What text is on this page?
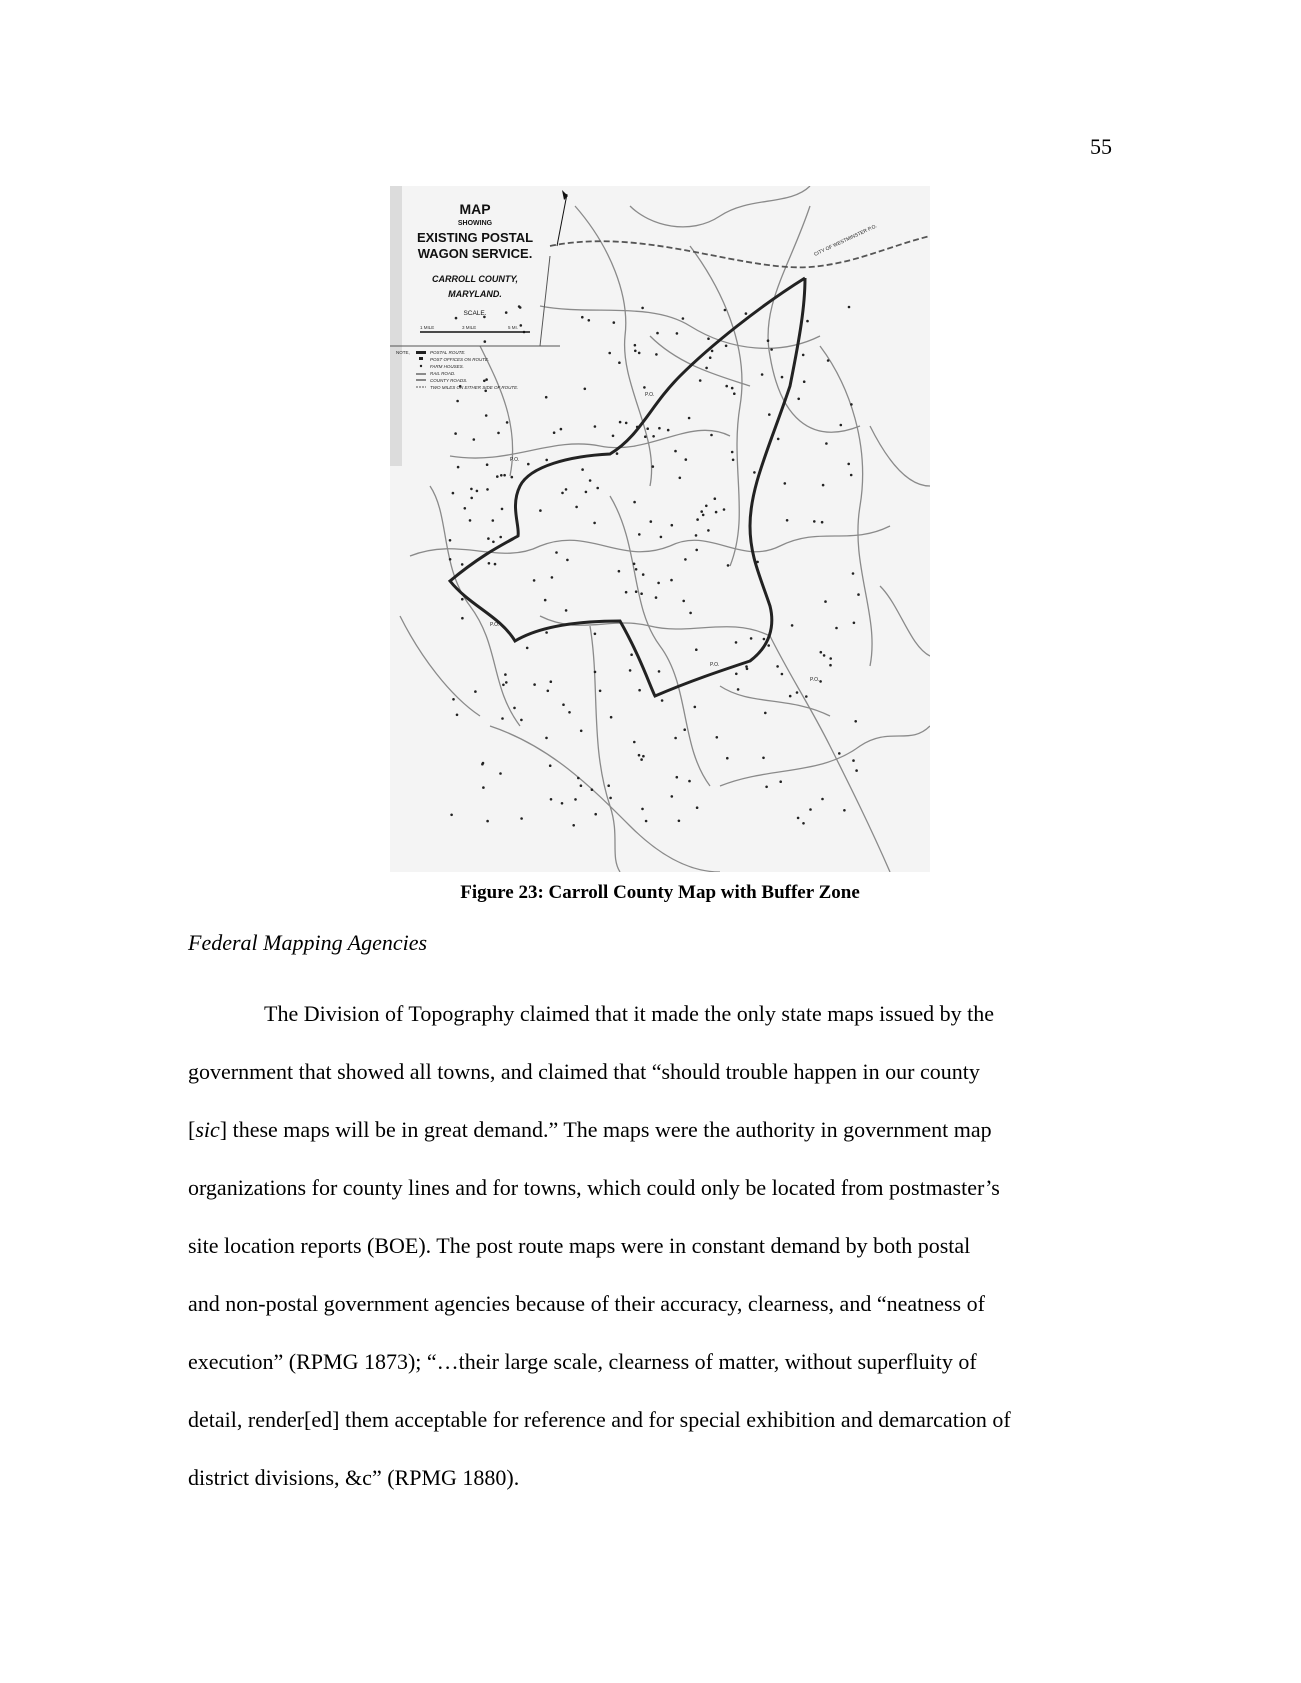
55
MAP
SHOWING
EXISTING POSTAL
WAGON SERVICE.
CARROLL COUNTY,
MARYLAND.
SCALE.
1 MILE	3 MILE	5 MI.
NOTE,	POSTAL ROUTE.
POST OFFICES ON ROUTE.
FARM HOUSES.
RAIL ROAD.
COUNTY ROADS.
TWO MILES ON EITHER SIDE OF ROUTE.
CITY OF WESTMINSTER P.O.
P.O.
P.O.
P.O.
P.O.
P.O.
Figure 23: Carroll County Map with Buffer Zone
Federal Mapping Agencies
The Division of Topography claimed that it made the only state maps issued by the
government that showed all towns, and claimed that “should trouble happen in our county
[sic] these maps will be in great demand.” The maps were the authority in government map
organizations for county lines and for towns, which could only be located from postmaster’s
site location reports (BOE). The post route maps were in constant demand by both postal
and non-postal government agencies because of their accuracy, clearness, and “neatness of
execution” (RPMG 1873); “…their large scale, clearness of matter, without superfluity of
detail, render[ed] them acceptable for reference and for special exhibition and demarcation of
district divisions, &c” (RPMG 1880).
